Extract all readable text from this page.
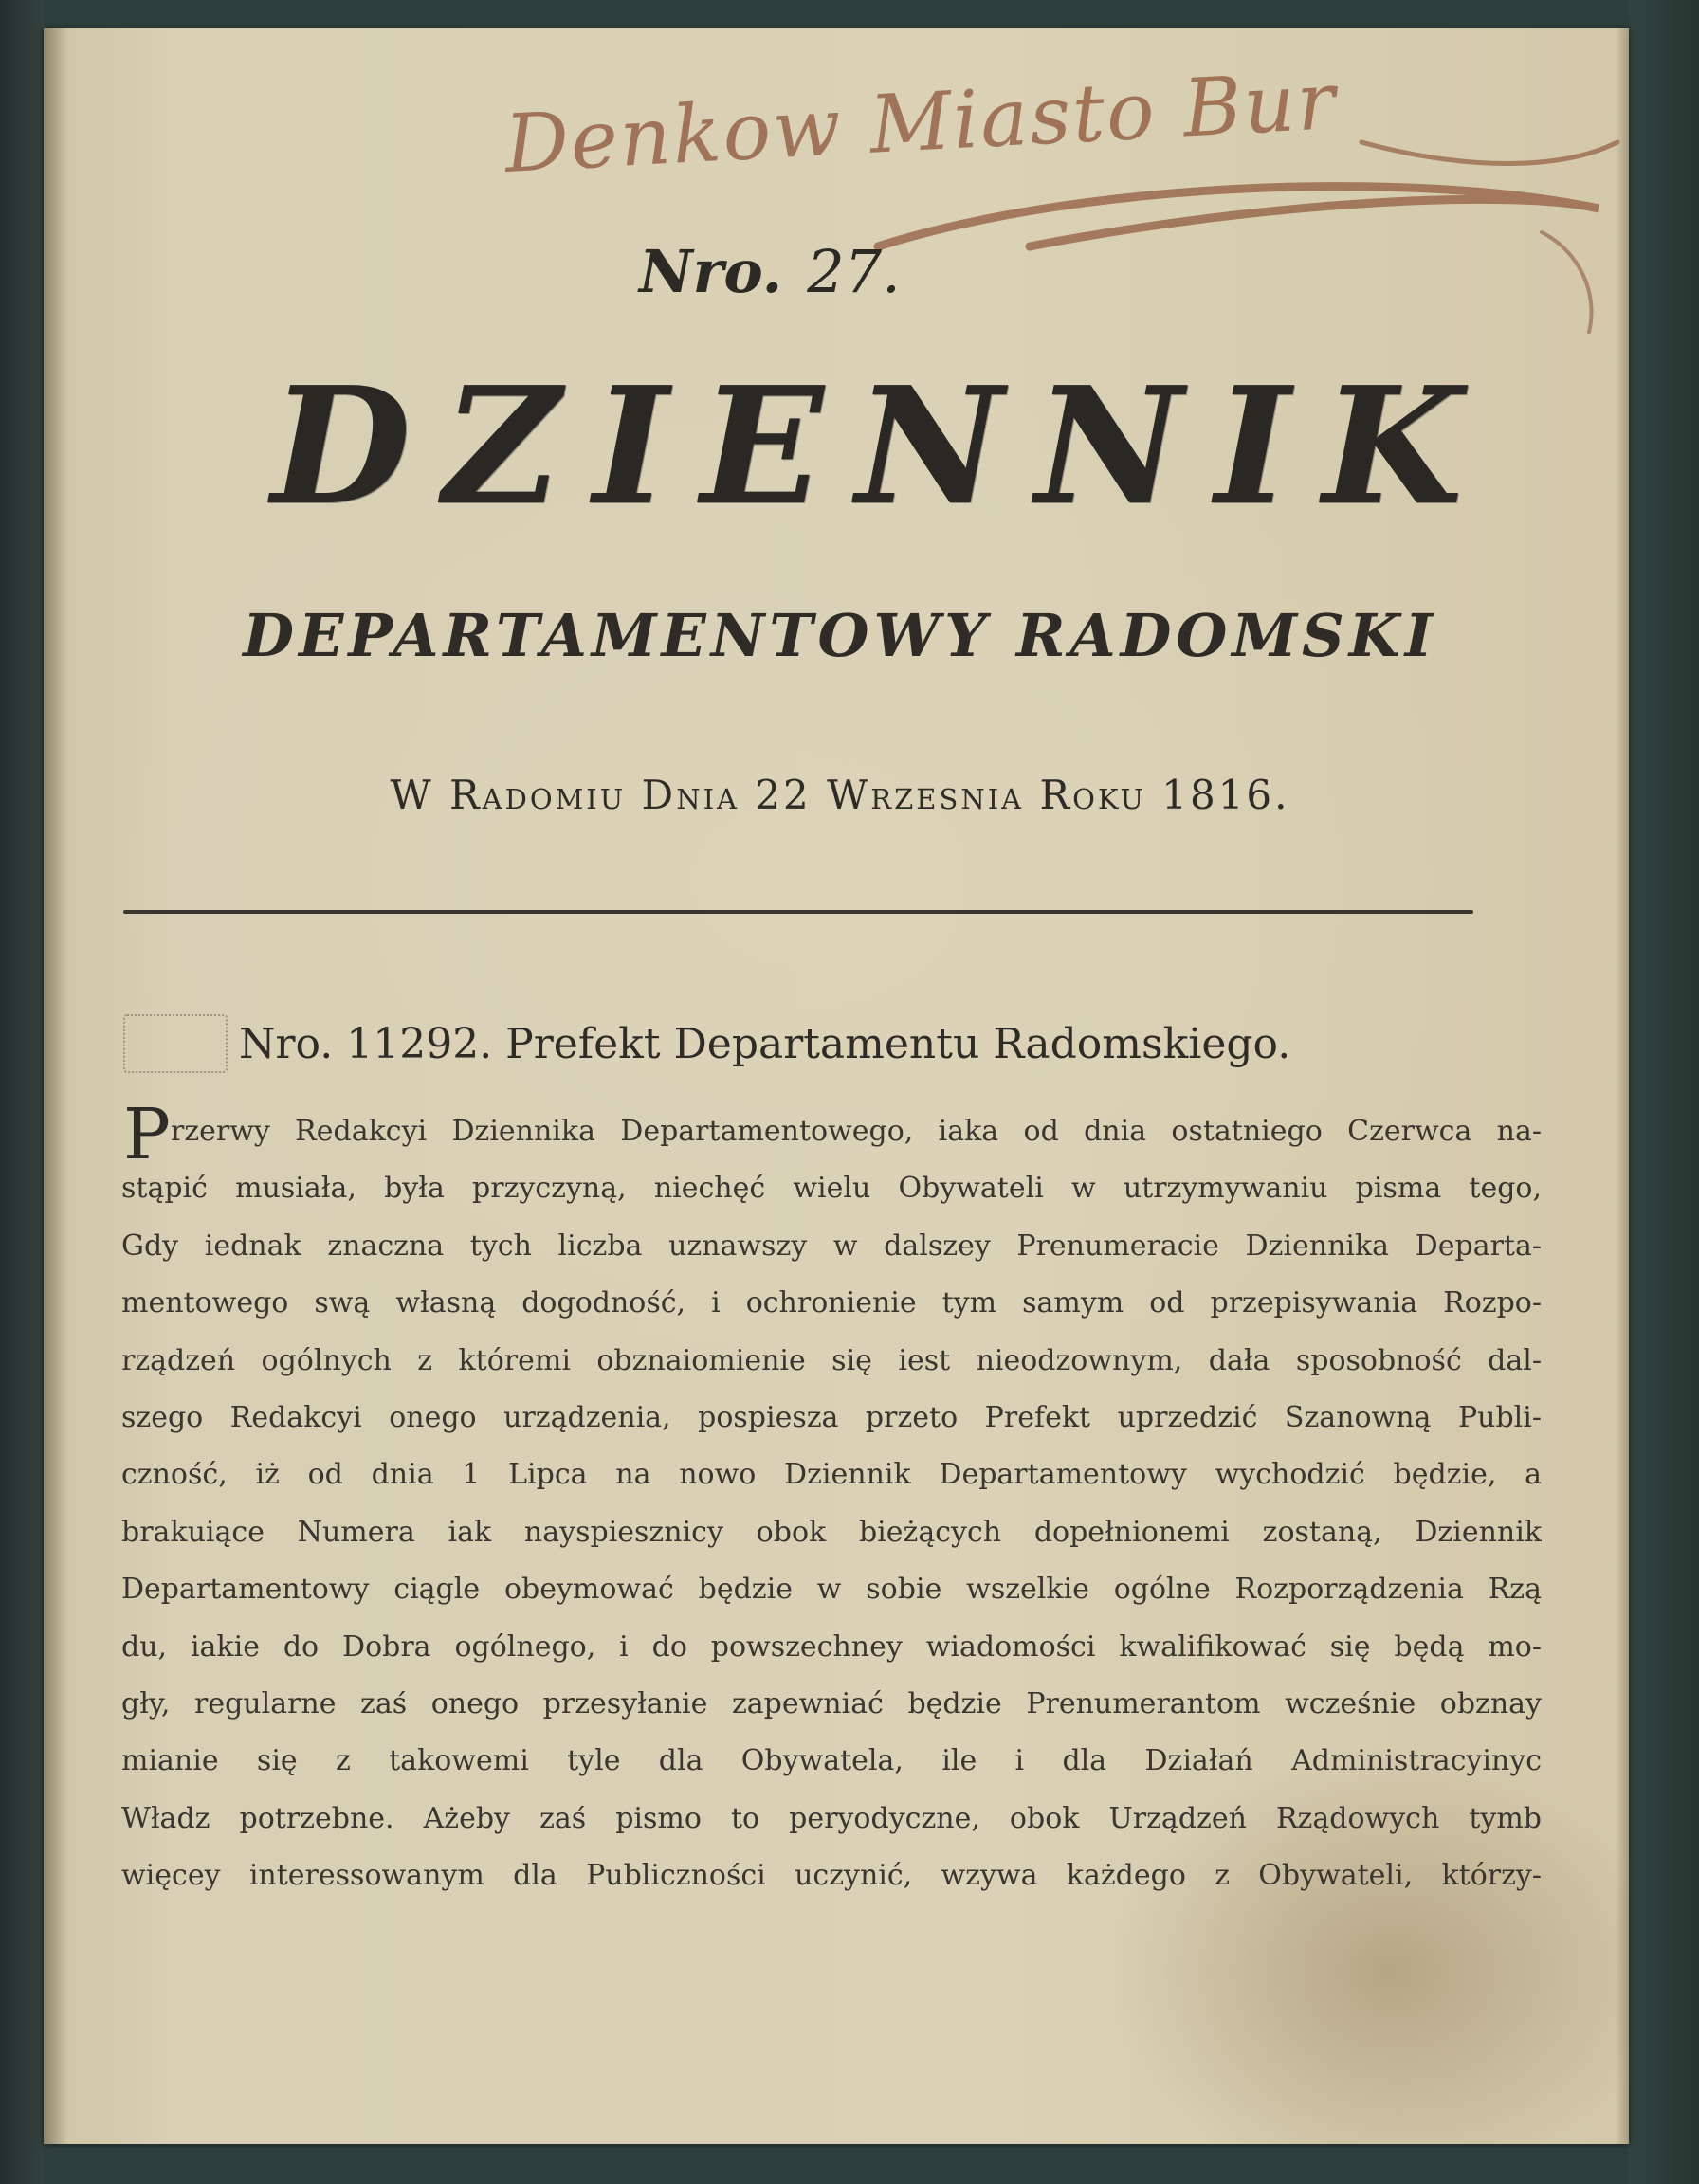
Denkow Miasto Bur
Nro. 27.
DZIENNIK
DEPARTAMENTOWY RADOMSKI
W Radomiu Dnia 22 Wrzesnia Roku 1816.
Nro. 11292. Prefekt Departamentu Radomskiego.
P rzerwy Redakcyi Dziennika Departamentowego, iaka od dnia ostatniego Czerwca na-
stąpić musiała, była przyczyną, niechęć wielu Obywateli w utrzymywaniu pisma tego,
Gdy iednak znaczna tych liczba uznawszy w dalszey Prenumeracie Dziennika Departa-
mentowego swą własną dogodność, i ochronienie tym samym od przepisywania Rozpo-
rządzeń ogólnych z któremi obznaiomienie się iest nieodzownym, dała sposobność dal-
szego Redakcyi onego urządzenia, pospiesza przeto Prefekt uprzedzić Szanowną Publi-
czność, iż od dnia 1 Lipca na nowo Dziennik Departamentowy wychodzić będzie, a
brakuiące Numera iak nayspiesznicy obok bieżących dopełnionemi zostaną, Dziennik
Departamentowy ciągle obeymować będzie w sobie wszelkie ogólne Rozporządzenia Rzą
du, iakie do Dobra ogólnego, i do powszechney wiadomości kwalifikować się będą mo-
gły, regularne zaś onego przesyłanie zapewniać będzie Prenumerantom wcześnie obznay
mianie się z takowemi tyle dla Obywatela, ile i dla Działań Administracyinyc
Władz potrzebne. Ażeby zaś pismo to peryodyczne, obok Urządzeń Rządowych tymb
więcey interessowanym dla Publiczności uczynić, wzywa każdego z Obywateli, którzy-
